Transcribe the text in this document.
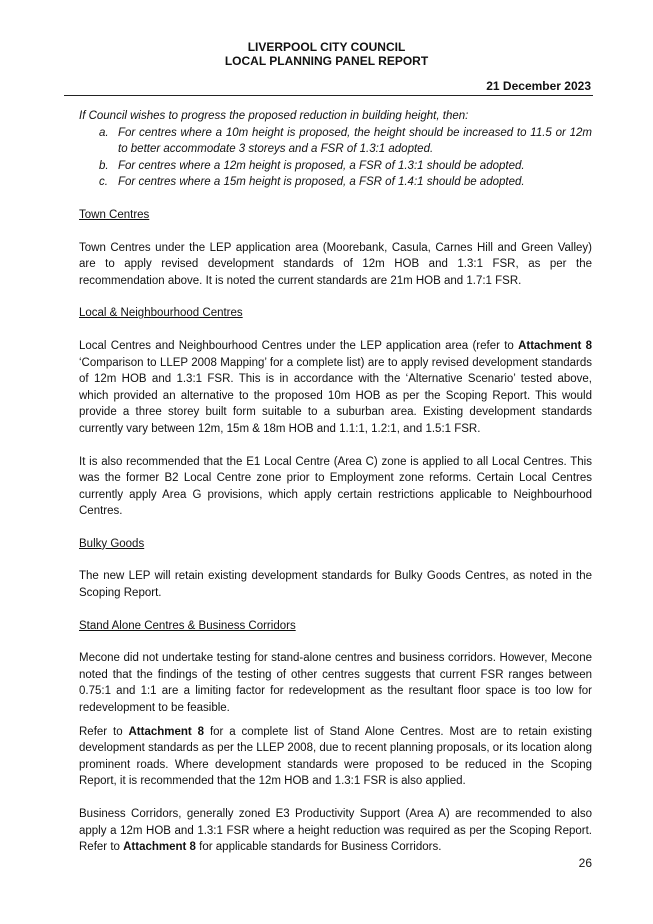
LIVERPOOL CITY COUNCIL
LOCAL PLANNING PANEL REPORT
21 December 2023

If Council wishes to progress the proposed reduction in building height, then:

a. For centres where a 10m height is proposed, the height should be increased to 11.5 or 12m to better accommodate 3 storeys and a FSR of 1.3:1 adopted.
b. For centres where a 12m height is proposed, a FSR of 1.3:1 should be adopted.
c. For centres where a 15m height is proposed, a FSR of 1.4:1 should be adopted.

Town Centres

Town Centres under the LEP application area (Moorebank, Casula, Carnes Hill and Green Valley) are to apply revised development standards of 12m HOB and 1.3:1 FSR, as per the recommendation above. It is noted the current standards are 21m HOB and 1.7:1 FSR.

Local & Neighbourhood Centres

Local Centres and Neighbourhood Centres under the LEP application area (refer to Attachment 8 ‘Comparison to LLEP 2008 Mapping’ for a complete list) are to apply revised development standards of 12m HOB and 1.3:1 FSR. This is in accordance with the ‘Alternative Scenario’ tested above, which provided an alternative to the proposed 10m HOB as per the Scoping Report. This would provide a three storey built form suitable to a suburban area. Existing development standards currently vary between 12m, 15m & 18m HOB and 1.1:1, 1.2:1, and 1.5:1 FSR.

It is also recommended that the E1 Local Centre (Area C) zone is applied to all Local Centres. This was the former B2 Local Centre zone prior to Employment zone reforms. Certain Local Centres currently apply Area G provisions, which apply certain restrictions applicable to Neighbourhood Centres.

Bulky Goods

The new LEP will retain existing development standards for Bulky Goods Centres, as noted in the Scoping Report.

Stand Alone Centres & Business Corridors

Mecone did not undertake testing for stand-alone centres and business corridors. However, Mecone noted that the findings of the testing of other centres suggests that current FSR ranges between 0.75:1 and 1:1 are a limiting factor for redevelopment as the resultant floor space is too low for redevelopment to be feasible.

Refer to Attachment 8 for a complete list of Stand Alone Centres. Most are to retain existing development standards as per the LLEP 2008, due to recent planning proposals, or its location along prominent roads. Where development standards were proposed to be reduced in the Scoping Report, it is recommended that the 12m HOB and 1.3:1 FSR is also applied.

Business Corridors, generally zoned E3 Productivity Support (Area A) are recommended to also apply a 12m HOB and 1.3:1 FSR where a height reduction was required as per the Scoping Report. Refer to Attachment 8 for applicable standards for Business Corridors.

26
